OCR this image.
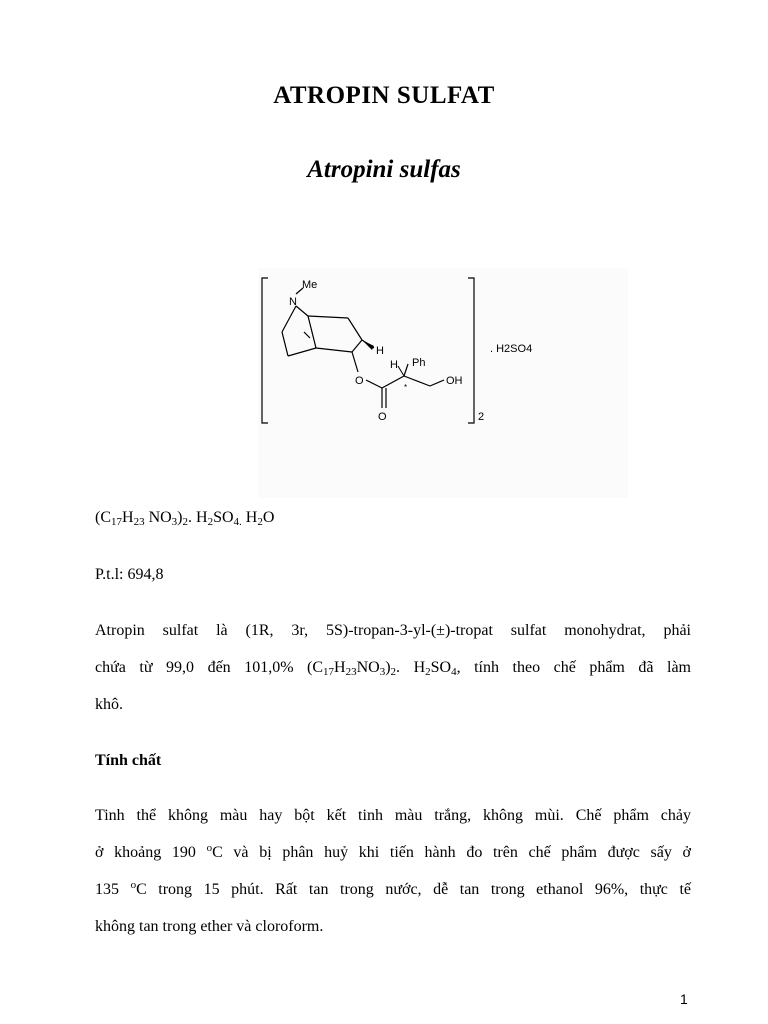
ATROPIN SULFAT
Atropini sulfas
Me
N
H
H Ph
*
O
O
OH
. H2SO4
2
($C_{17}H_{23}$ $NO_3)_2$. $H_2SO_{4.}$ $H_2O$
P.t.l: 694,8
Atropin sulfat là (1R, 3r, 5S)-tropan-3-yl-(±)-tropat sulfat monohydrat, phải
chứa từ 99,0 đến 101,0% $(C_{17}H_{23}NO_3)_2$. $H_2SO_4$, tính theo chế phẩm đã làm
khô.
Tính chất
Tinh thể không màu hay bột kết tinh màu trắng, không mùi. Chế phẩm chảy
ở khoảng 190 $^o$C và bị phân huỷ khi tiến hành đo trên chế phẩm được sấy ở
135 $^o$C trong 15 phút. Rất tan trong nước, dễ tan trong ethanol 96%, thực tế
không tan trong ether và cloroform.
1
